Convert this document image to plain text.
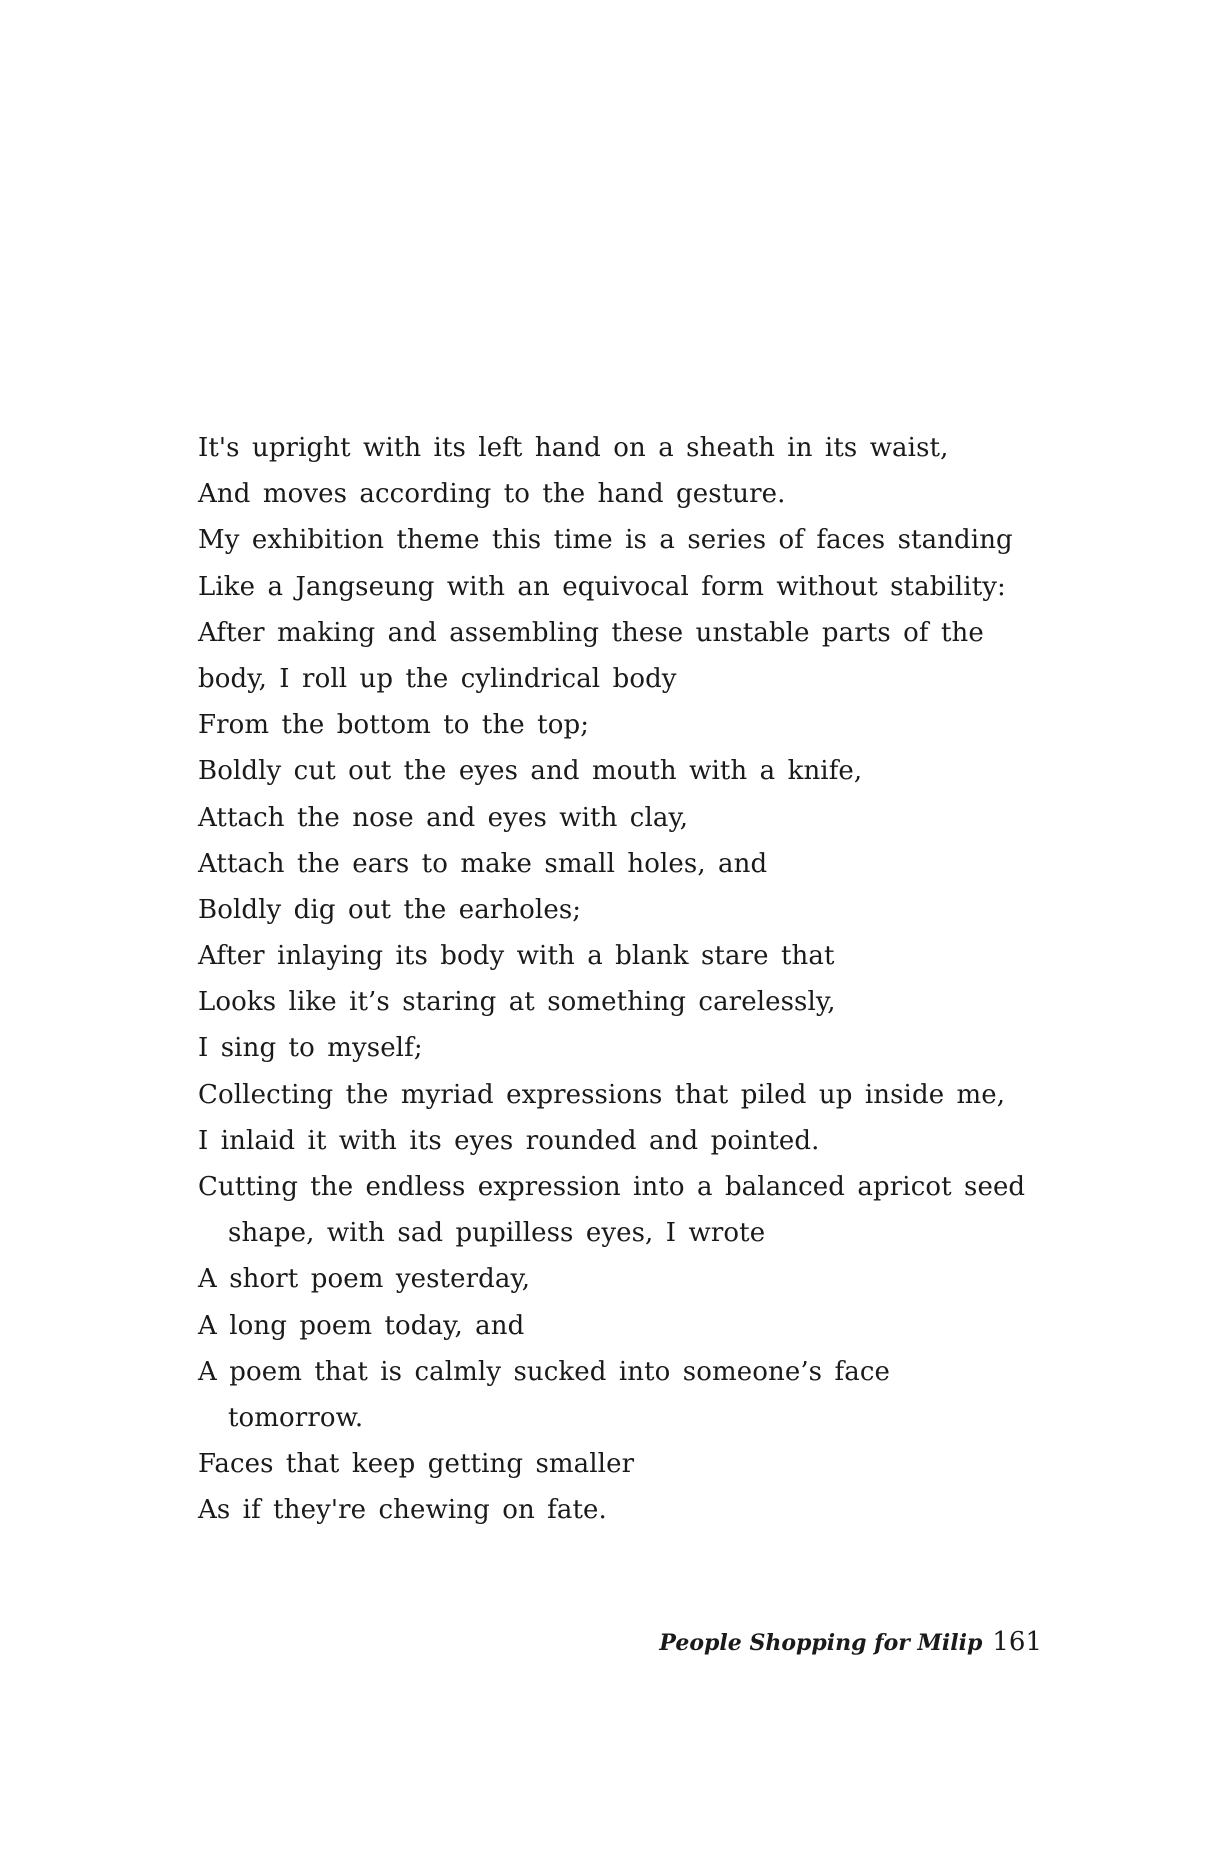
It's upright with its left hand on a sheath in its waist,
And moves according to the hand gesture.
My exhibition theme this time is a series of faces standing
Like a Jangseung with an equivocal form without stability:
After making and assembling these unstable parts of the
body, I roll up the cylindrical body
From the bottom to the top;
Boldly cut out the eyes and mouth with a knife,
Attach the nose and eyes with clay,
Attach the ears to make small holes, and
Boldly dig out the earholes;
After inlaying its body with a blank stare that
Looks like it’s staring at something carelessly,
I sing to myself;
Collecting the myriad expressions that piled up inside me,
I inlaid it with its eyes rounded and pointed.
Cutting the endless expression into a balanced apricot seed
shape, with sad pupilless eyes, I wrote
A short poem yesterday,
A long poem today, and
A poem that is calmly sucked into someone’s face
tomorrow.
Faces that keep getting smaller
As if they're chewing on fate.
People Shopping for Milip 161
